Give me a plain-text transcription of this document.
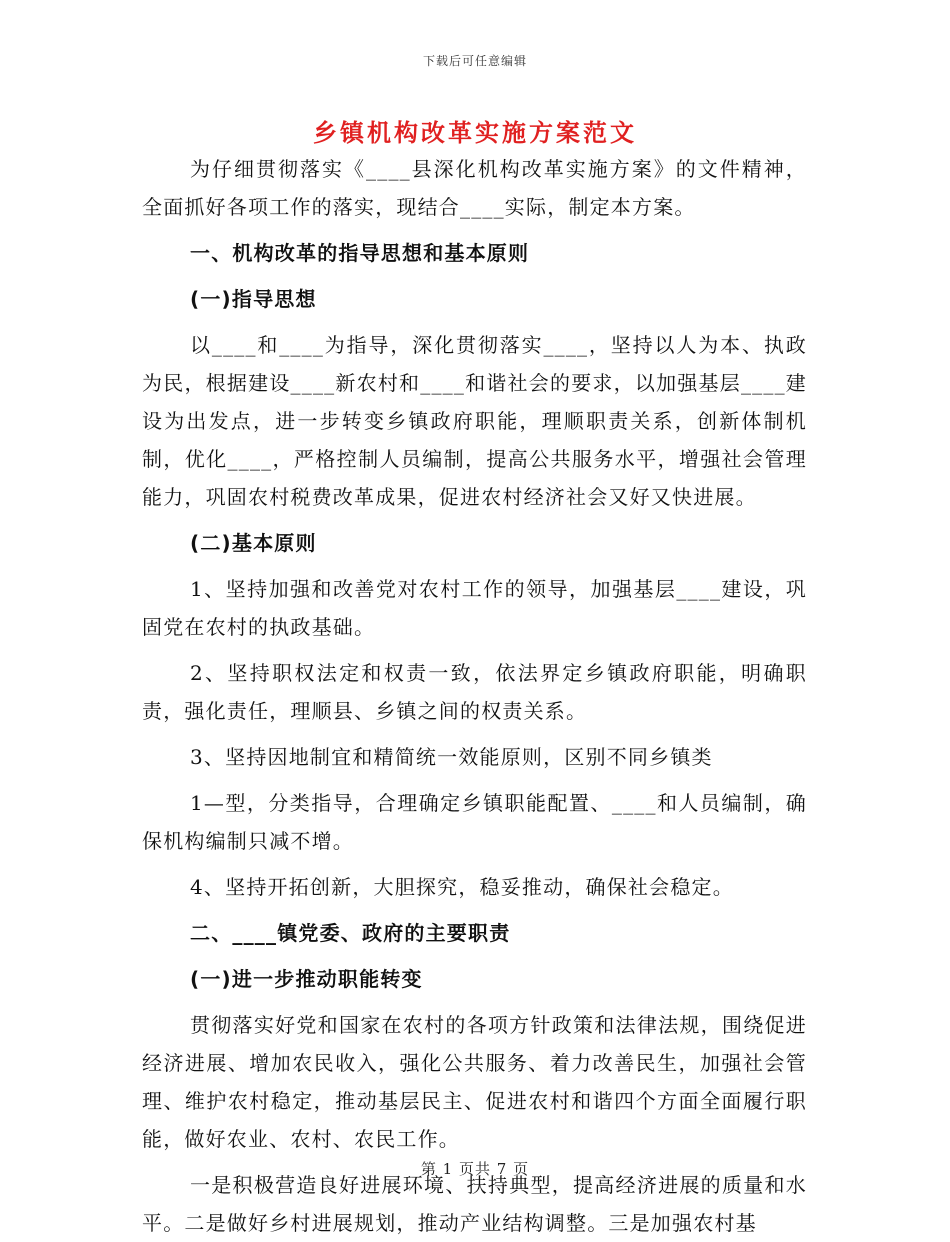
下载后可任意编辑
乡镇机构改革实施方案范文

为仔细贯彻落实《____县深化机构改革实施方案》的文件精神，全面抓好各项工作的落实，现结合____实际，制定本方案。

一、机构改革的指导思想和基本原则

(一)指导思想

以____和____为指导，深化贯彻落实____，坚持以人为本、执政为民，根据建设____新农村和____和谐社会的要求，以加强基层____建设为出发点，进一步转变乡镇政府职能，理顺职责关系，创新体制机制，优化____，严格控制人员编制，提高公共服务水平，增强社会管理能力，巩固农村税费改革成果，促进农村经济社会又好又快进展。

(二)基本原则

1、坚持加强和改善党对农村工作的领导，加强基层____建设，巩固党在农村的执政基础。

2、坚持职权法定和权责一致，依法界定乡镇政府职能，明确职责，强化责任，理顺县、乡镇之间的权责关系。

3、坚持因地制宜和精简统一效能原则，区别不同乡镇类

1—型，分类指导，合理确定乡镇职能配置、____和人员编制，确保机构编制只减不增。

4、坚持开拓创新，大胆探究，稳妥推动，确保社会稳定。

二、____镇党委、政府的主要职责

(一)进一步推动职能转变

贯彻落实好党和国家在农村的各项方针政策和法律法规，围绕促进经济进展、增加农民收入，强化公共服务、着力改善民生，加强社会管理、维护农村稳定，推动基层民主、促进农村和谐四个方面全面履行职能，做好农业、农村、农民工作。

一是积极营造良好进展环境、扶持典型，提高经济进展的质量和水平。二是做好乡村进展规划，推动产业结构调整。三是加强农村基

第 1 页共 7 页
